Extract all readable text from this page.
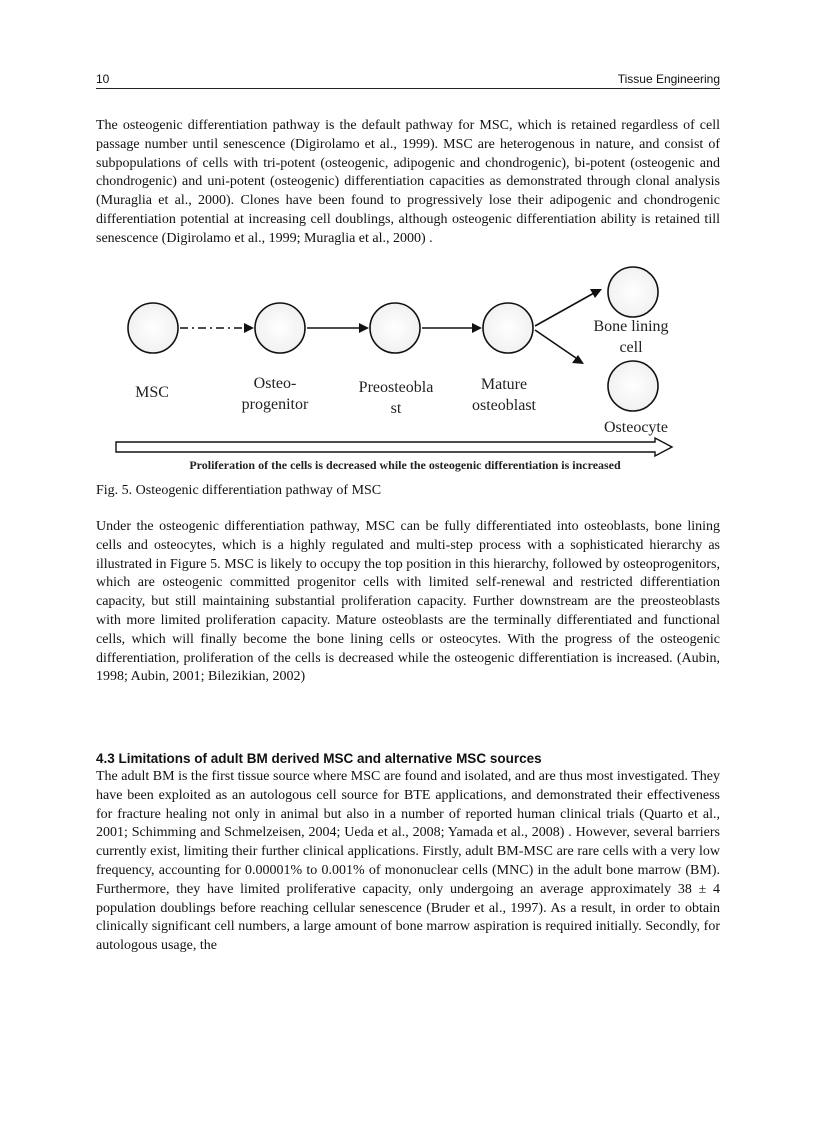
10	Tissue Engineering

The osteogenic differentiation pathway is the default pathway for MSC, which is retained regardless of cell passage number until senescence (Digirolamo et al., 1999). MSC are heterogenous in nature, and consist of subpopulations of cells with tri-potent (osteogenic, adipogenic and chondrogenic), bi-potent (osteogenic and chondrogenic) and uni-potent (osteogenic) differentiation capacities as demonstrated through clonal analysis (Muraglia et al., 2000). Clones have been found to progressively lose their adipogenic and chondrogenic differentiation potential at increasing cell doublings, although osteogenic differentiation ability is retained till senescence (Digirolamo et al., 1999; Muraglia et al., 2000) .

MSC
Osteo-
progenitor
Preosteobla
st
Mature
osteoblast
Bone lining
cell
Osteocyte
Proliferation of the cells is decreased while the osteogenic differentiation is increased

Fig. 5. Osteogenic differentiation pathway of MSC

Under the osteogenic differentiation pathway, MSC can be fully differentiated into osteoblasts, bone lining cells and osteocytes, which is a highly regulated and multi-step process with a sophisticated hierarchy as illustrated in Figure 5. MSC is likely to occupy the top position in this hierarchy, followed by osteoprogenitors, which are osteogenic committed progenitor cells with limited self-renewal and restricted differentiation capacity, but still maintaining substantial proliferation capacity. Further downstream are the preosteoblasts with more limited proliferation capacity. Mature osteoblasts are the terminally differentiated and functional cells, which will finally become the bone lining cells or osteocytes. With the progress of the osteogenic differentiation, proliferation of the cells is decreased while the osteogenic differentiation is increased. (Aubin, 1998; Aubin, 2001; Bilezikian, 2002)

4.3 Limitations of adult BM derived MSC and alternative MSC sources

The adult BM is the first tissue source where MSC are found and isolated, and are thus most investigated. They have been exploited as an autologous cell source for BTE applications, and demonstrated their effectiveness for fracture healing not only in animal but also in a number of reported human clinical trials (Quarto et al., 2001; Schimming and Schmelzeisen, 2004; Ueda et al., 2008; Yamada et al., 2008) . However, several barriers currently exist, limiting their further clinical applications. Firstly, adult BM-MSC are rare cells with a very low frequency, accounting for 0.00001% to 0.001% of mononuclear cells (MNC) in the adult bone marrow (BM). Furthermore, they have limited proliferative capacity, only undergoing an average approximately 38 ± 4 population doublings before reaching cellular senescence (Bruder et al., 1997). As a result, in order to obtain clinically significant cell numbers, a large amount of bone marrow aspiration is required initially. Secondly, for autologous usage, the
